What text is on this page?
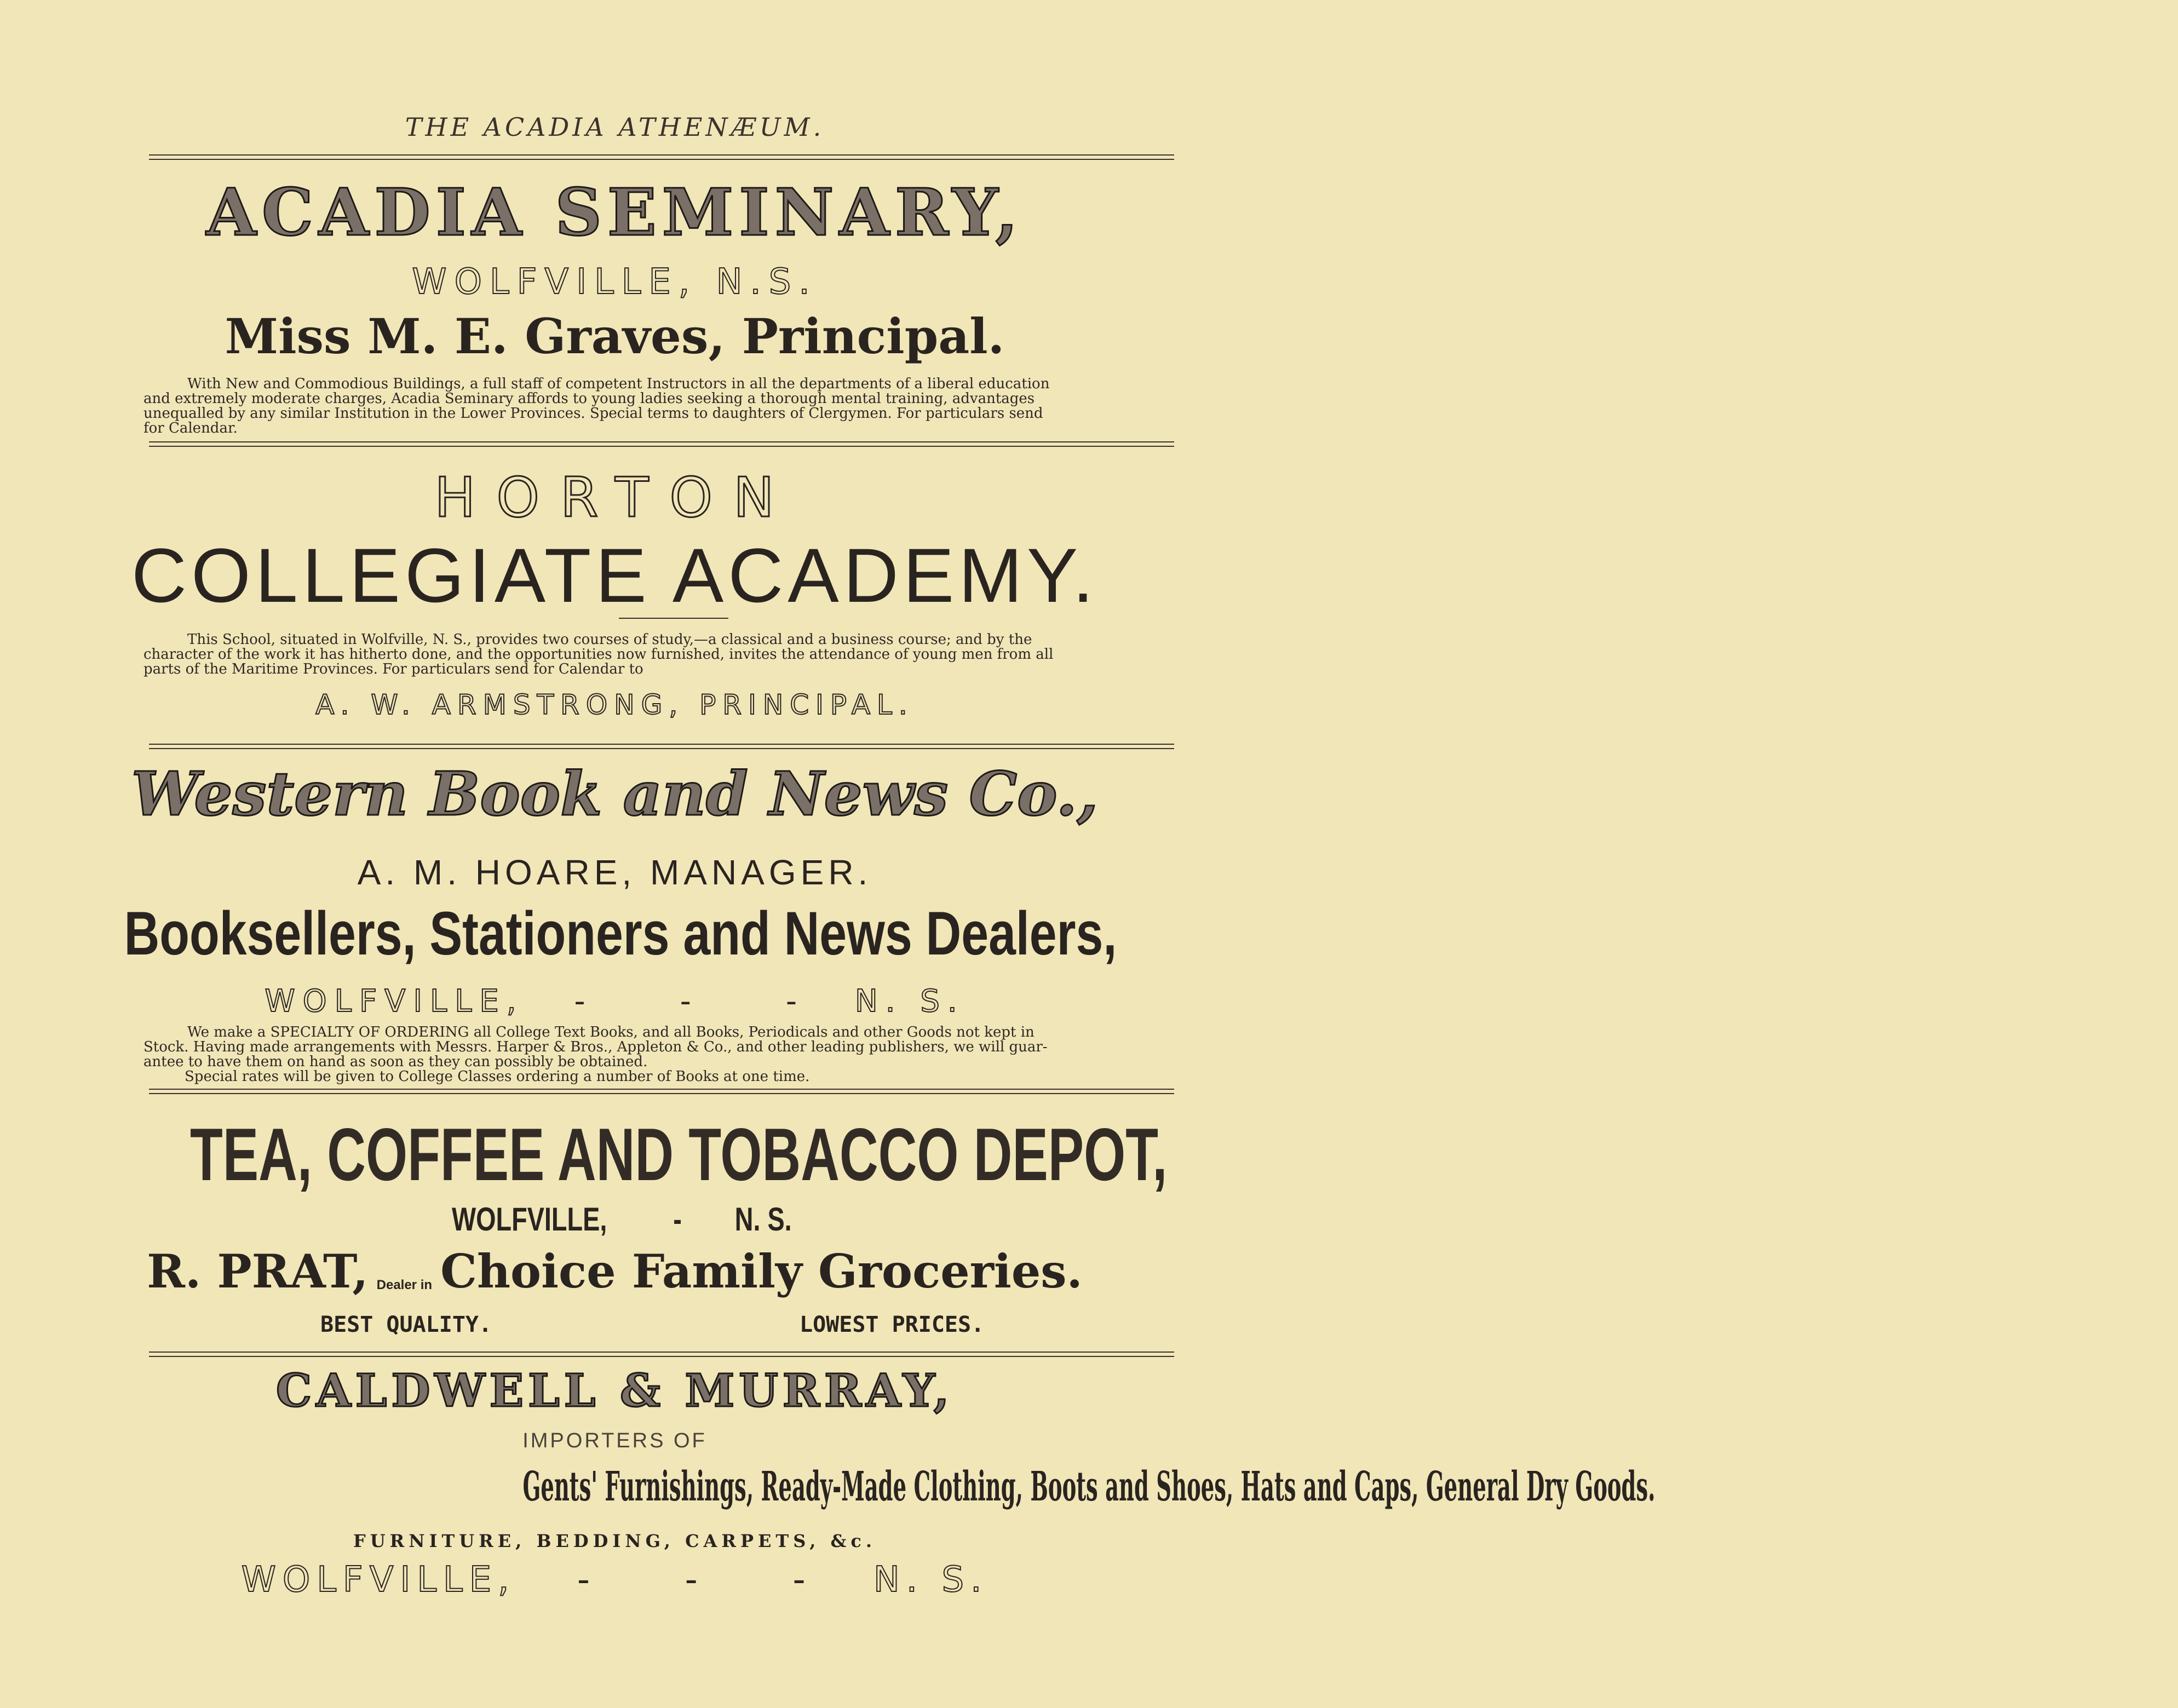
THE ACADIA ATHENÆUM.
ACADIA SEMINARY,
WOLFVILLE, N.S.
Miss M. E. Graves, Principal.
With New and Commodious Buildings, a full staff of competent Instructors in all the departments of a liberal education
and extremely moderate charges, Acadia Seminary affords to young ladies seeking a thorough mental training, advantages
unequalled by any similar Institution in the Lower Provinces. Special terms to daughters of Clergymen. For particulars send
for Calendar.
HORTON
COLLEGIATE ACADEMY.
This School, situated in Wolfville, N. S., provides two courses of study,—a classical and a business course; and by the
character of the work it has hitherto done, and the opportunities now furnished, invites the attendance of young men from all
parts of the Maritime Provinces. For particulars send for Calendar to
A. W. ARMSTRONG, PRINCIPAL.
Western Book and News Co.,
A. M. HOARE, MANAGER.
Booksellers, Stationers and News Dealers,
WOLFVILLE, -     -     - N. S.
We make a SPECIALTY OF ORDERING all College Text Books, and all Books, Periodicals and other Goods not kept in
Stock. Having made arrangements with Messrs. Harper & Bros., Appleton & Co., and other leading publishers, we will guar-
antee to have them on hand as soon as they can possibly be obtained.
Special rates will be given to College Classes ordering a number of Books at one time.
TEA, COFFEE AND TOBACCO DEPOT,
WOLFVILLE, - N. S.
R. PRAT, Dealer in Choice Family Groceries.
BEST QUALITY.	LOWEST PRICES.
CALDWELL & MURRAY,
IMPORTERS OF
Gents' Furnishings, Ready-Made Clothing, Boots and Shoes, Hats and Caps, General Dry Goods.
FURNITURE, BEDDING, CARPETS, &c.
WOLFVILLE, -     -     - N. S.
